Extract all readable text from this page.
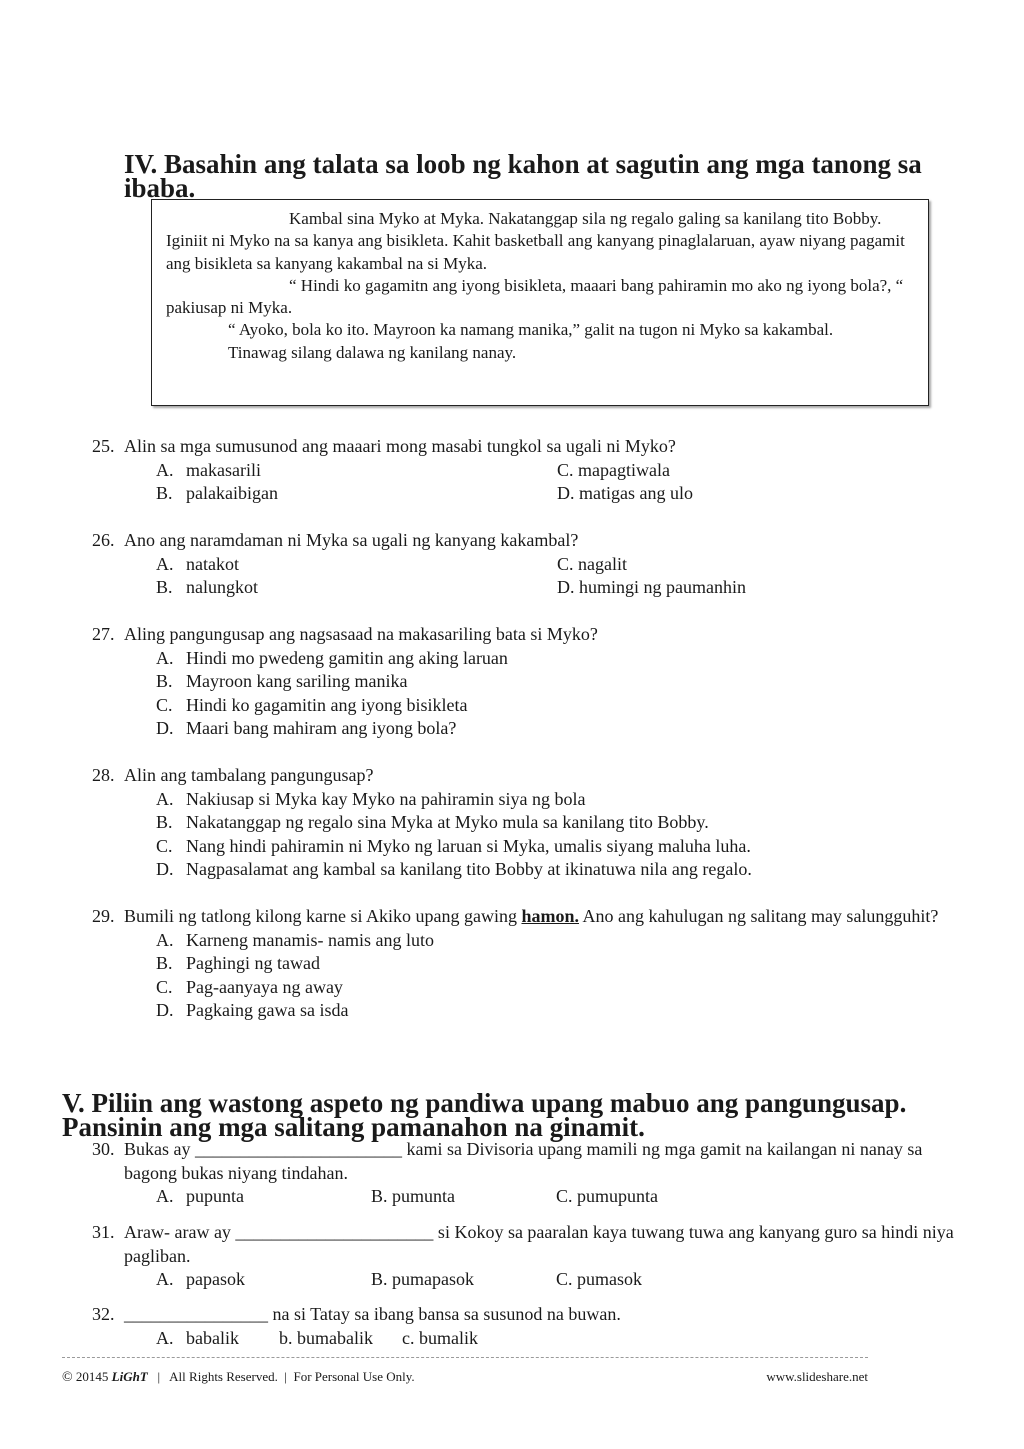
IV. Basahin ang talata sa loob ng kahon at sagutin ang mga tanong sa ibaba.

Kambal sina Myko at Myka. Nakatanggap sila ng regalo galing sa kanilang tito Bobby. Iginiit ni Myko na sa kanya ang bisikleta. Kahit basketball ang kanyang pinaglalaruan, ayaw niyang pagamit ang bisikleta sa kanyang kakambal na si Myka.

“ Hindi ko gagamitn ang iyong bisikleta, maaari bang pahiramin mo ako ng iyong bola?, “ pakiusap ni Myka.

“ Ayoko, bola ko ito. Mayroon ka namang manika,” galit na tugon ni Myko sa kakambal.

Tinawag silang dalawa ng kanilang nanay.

25. Alin sa mga sumusunod ang maaari mong masabi tungkol sa ugali ni Myko?
A. makasarili	C. mapagtiwala
B. palakaibigan	D. matigas ang ulo
26. Ano ang naramdaman ni Myka sa ugali ng kanyang kakambal?
A. natakot	C. nagalit
B. nalungkot	D. humingi ng paumanhin
27. Aling pangungusap ang nagsasaad na makasariling bata si Myko?
A. Hindi mo pwedeng gamitin ang aking laruan
B. Mayroon kang sariling manika
C. Hindi ko gagamitin ang iyong bisikleta
D. Maari bang mahiram ang iyong bola?
28. Alin ang tambalang pangungusap?
A. Nakiusap si Myka kay Myko na pahiramin siya ng bola
B. Nakatanggap ng regalo sina Myka at Myko mula sa kanilang tito Bobby.
C. Nang hindi pahiramin ni Myko ng laruan si Myka, umalis siyang maluha luha.
D. Nagpasalamat ang kambal sa kanilang tito Bobby at ikinatuwa nila ang regalo.
29. Bumili ng tatlong kilong karne si Akiko upang gawing hamon. Ano ang kahulugan ng salitang may salungguhit?
A. Karneng manamis- namis ang luto
B. Paghingi ng tawad
C. Pag-aanyaya ng away
D. Pagkaing gawa sa isda
V. Piliin ang wastong aspeto ng pandiwa upang mabuo ang pangungusap. Pansinin ang mga salitang pamanahon na ginamit.
30. Bukas ay _______________________ kami sa Divisoria upang mamili ng mga gamit na kailangan ni nanay sa bagong bukas niyang tindahan.
A. pupunta	B. pumunta	C. pumupunta
31. Araw- araw ay ______________________ si Kokoy sa paaralan kaya tuwang tuwa ang kanyang guro sa hindi niya pagliban.
A. papasok	B. pumapasok	C. pumasok
32. ________________ na si Tatay sa ibang bansa sa susunod na buwan.
A. babalik b. bumabalik c. bumalik
© 20145 LiGhT | All Rights Reserved. | For Personal Use Only.	www.slideshare.net
